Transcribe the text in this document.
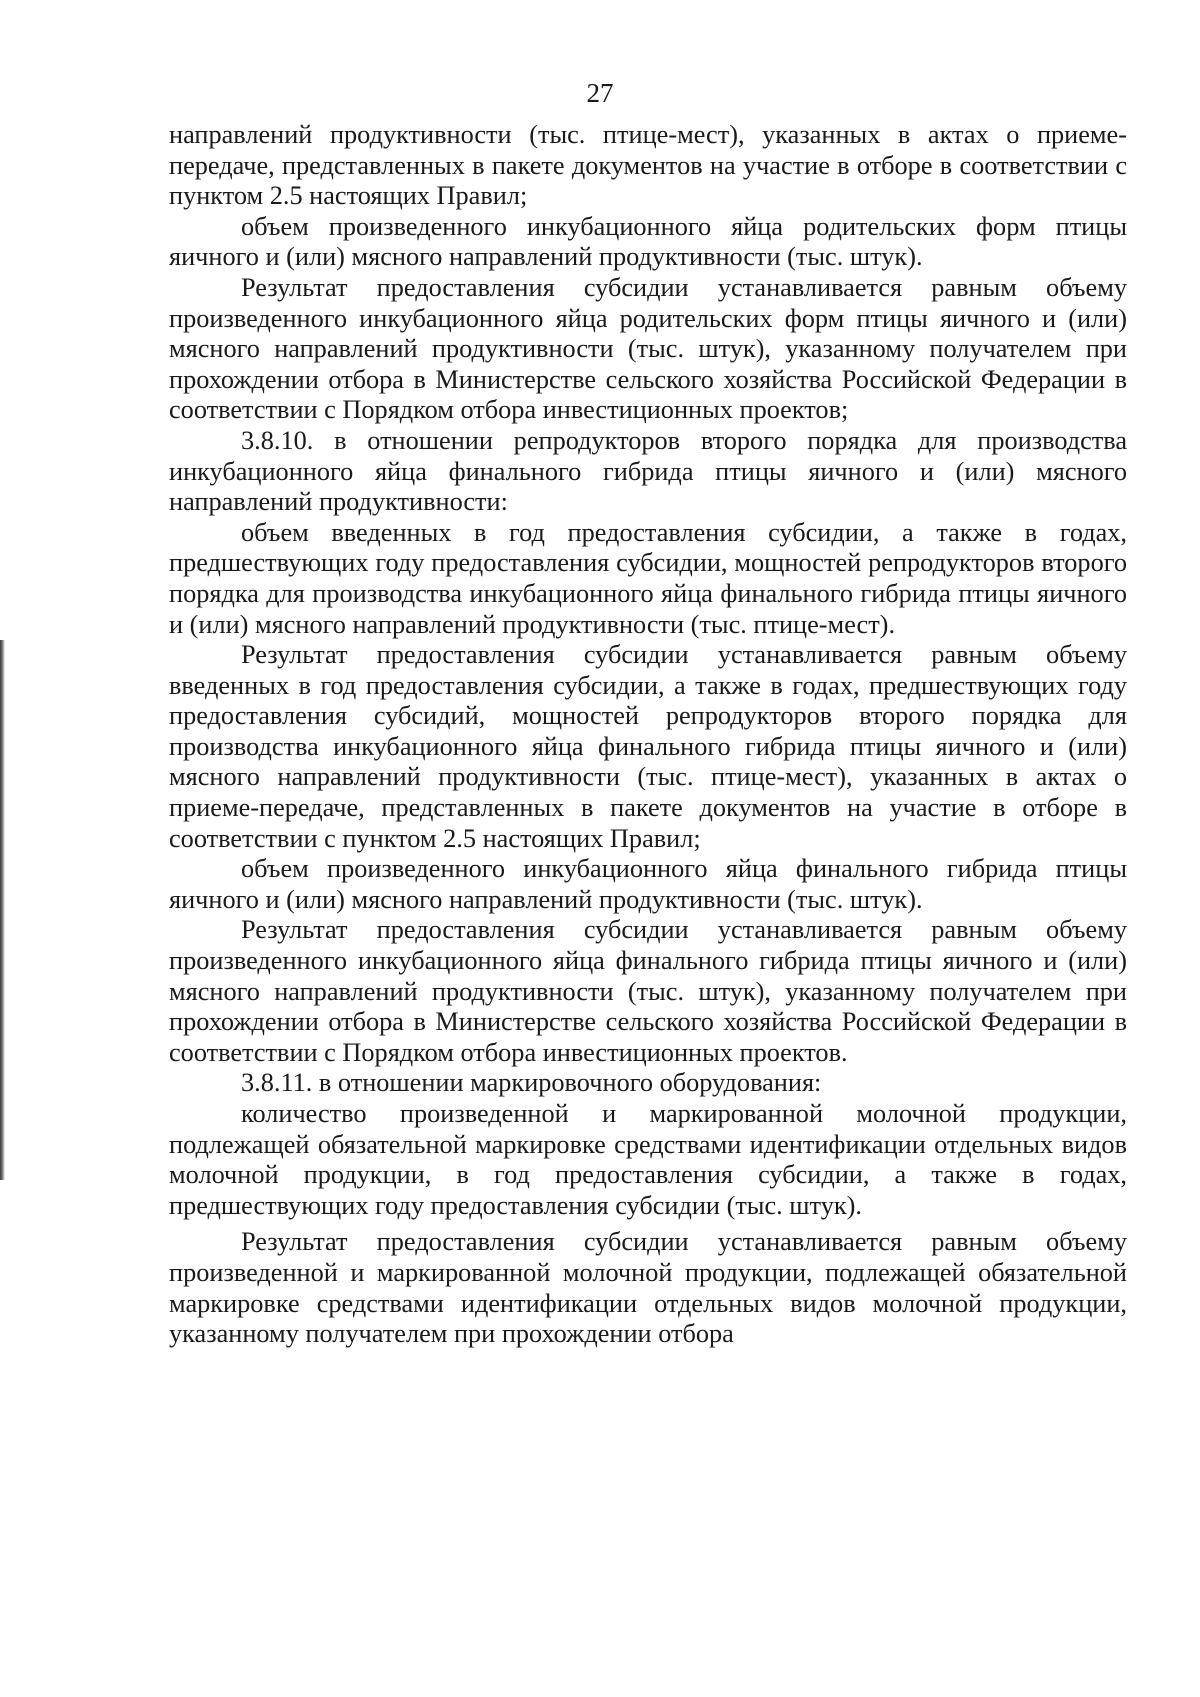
27

направлений продуктивности (тыс. птице-мест), указанных в актах о приеме-передаче, представленных в пакете документов на участие в отборе в соответствии с пунктом 2.5 настоящих Правил;

объем произведенного инкубационного яйца родительских форм птицы яичного и (или) мясного направлений продуктивности (тыс. штук).

Результат предоставления субсидии устанавливается равным объему произведенного инкубационного яйца родительских форм птицы яичного и (или) мясного направлений продуктивности (тыс. штук), указанному получателем при прохождении отбора в Министерстве сельского хозяйства Российской Федерации в соответствии с Порядком отбора инвестиционных проектов;

3.8.10. в отношении репродукторов второго порядка для производства инкубационного яйца финального гибрида птицы яичного и (или) мясного направлений продуктивности:

объем введенных в год предоставления субсидии, а также в годах, предшествующих году предоставления субсидии, мощностей репродукторов второго порядка для производства инкубационного яйца финального гибрида птицы яичного и (или) мясного направлений продуктивности (тыс. птице-мест).

Результат предоставления субсидии устанавливается равным объему введенных в год предоставления субсидии, а также в годах, предшествующих году предоставления субсидий, мощностей репродукторов второго порядка для производства инкубационного яйца финального гибрида птицы яичного и (или) мясного направлений продуктивности (тыс. птице-мест), указанных в актах о приеме-передаче, представленных в пакете документов на участие в отборе в соответствии с пунктом 2.5 настоящих Правил;

объем произведенного инкубационного яйца финального гибрида птицы яичного и (или) мясного направлений продуктивности (тыс. штук).

Результат предоставления субсидии устанавливается равным объему произведенного инкубационного яйца финального гибрида птицы яичного и (или) мясного направлений продуктивности (тыс. штук), указанному получателем при прохождении отбора в Министерстве сельского хозяйства Российской Федерации в соответствии с Порядком отбора инвестиционных проектов.

3.8.11. в отношении маркировочного оборудования:

количество произведенной и маркированной молочной продукции, подлежащей обязательной маркировке средствами идентификации отдельных видов молочной продукции, в год предоставления субсидии, а также в годах, предшествующих году предоставления субсидии (тыс. штук).

Результат предоставления субсидии устанавливается равным объему произведенной и маркированной молочной продукции, подлежащей обязательной маркировке средствами идентификации отдельных видов молочной продукции, указанному получателем при прохождении отбора
